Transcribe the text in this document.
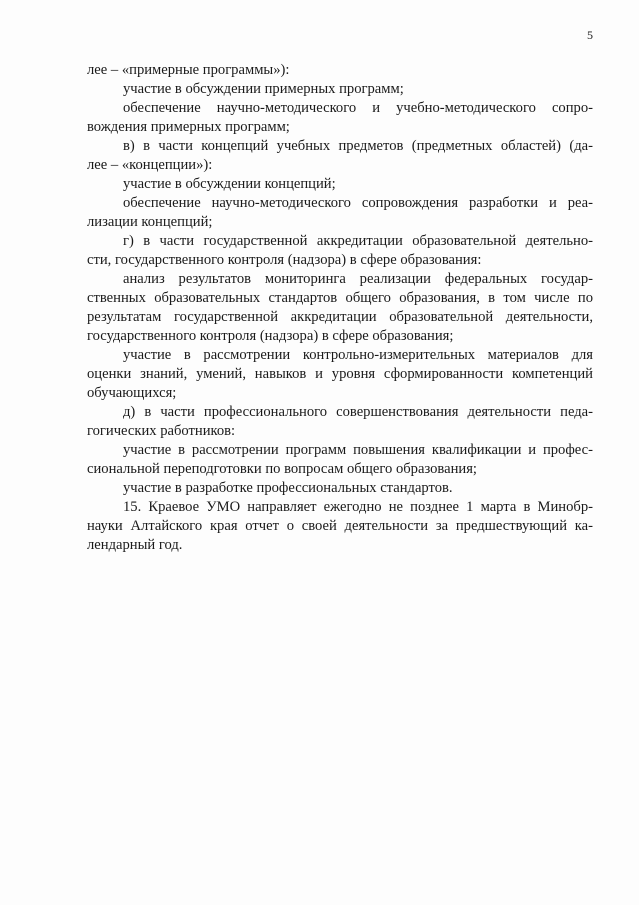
5
лее – «примерные программы»):
участие в обсуждении примерных программ;
обеспечение научно-методического и учебно-методического сопро-
вождения примерных программ;
в) в части концепций учебных предметов (предметных областей) (да-
лее – «концепции»):
участие в обсуждении концепций;
обеспечение научно-методического сопровождения разработки и реа-
лизации концепций;
г) в части государственной аккредитации образовательной деятельно-
сти, государственного контроля (надзора) в сфере образования:
анализ результатов мониторинга реализации федеральных государ-
ственных образовательных стандартов общего образования, в том числе по
результатам государственной аккредитации образовательной деятельности,
государственного контроля (надзора) в сфере образования;
участие в рассмотрении контрольно-измерительных материалов для
оценки знаний, умений, навыков и уровня сформированности компетенций
обучающихся;
д) в части профессионального совершенствования деятельности педа-
гогических работников:
участие в рассмотрении программ повышения квалификации и профес-
сиональной переподготовки по вопросам общего образования;
участие в разработке профессиональных стандартов.
15. Краевое УМО направляет ежегодно не позднее 1 марта в Минобр-
науки Алтайского края отчет о своей деятельности за предшествующий ка-
лендарный год.
